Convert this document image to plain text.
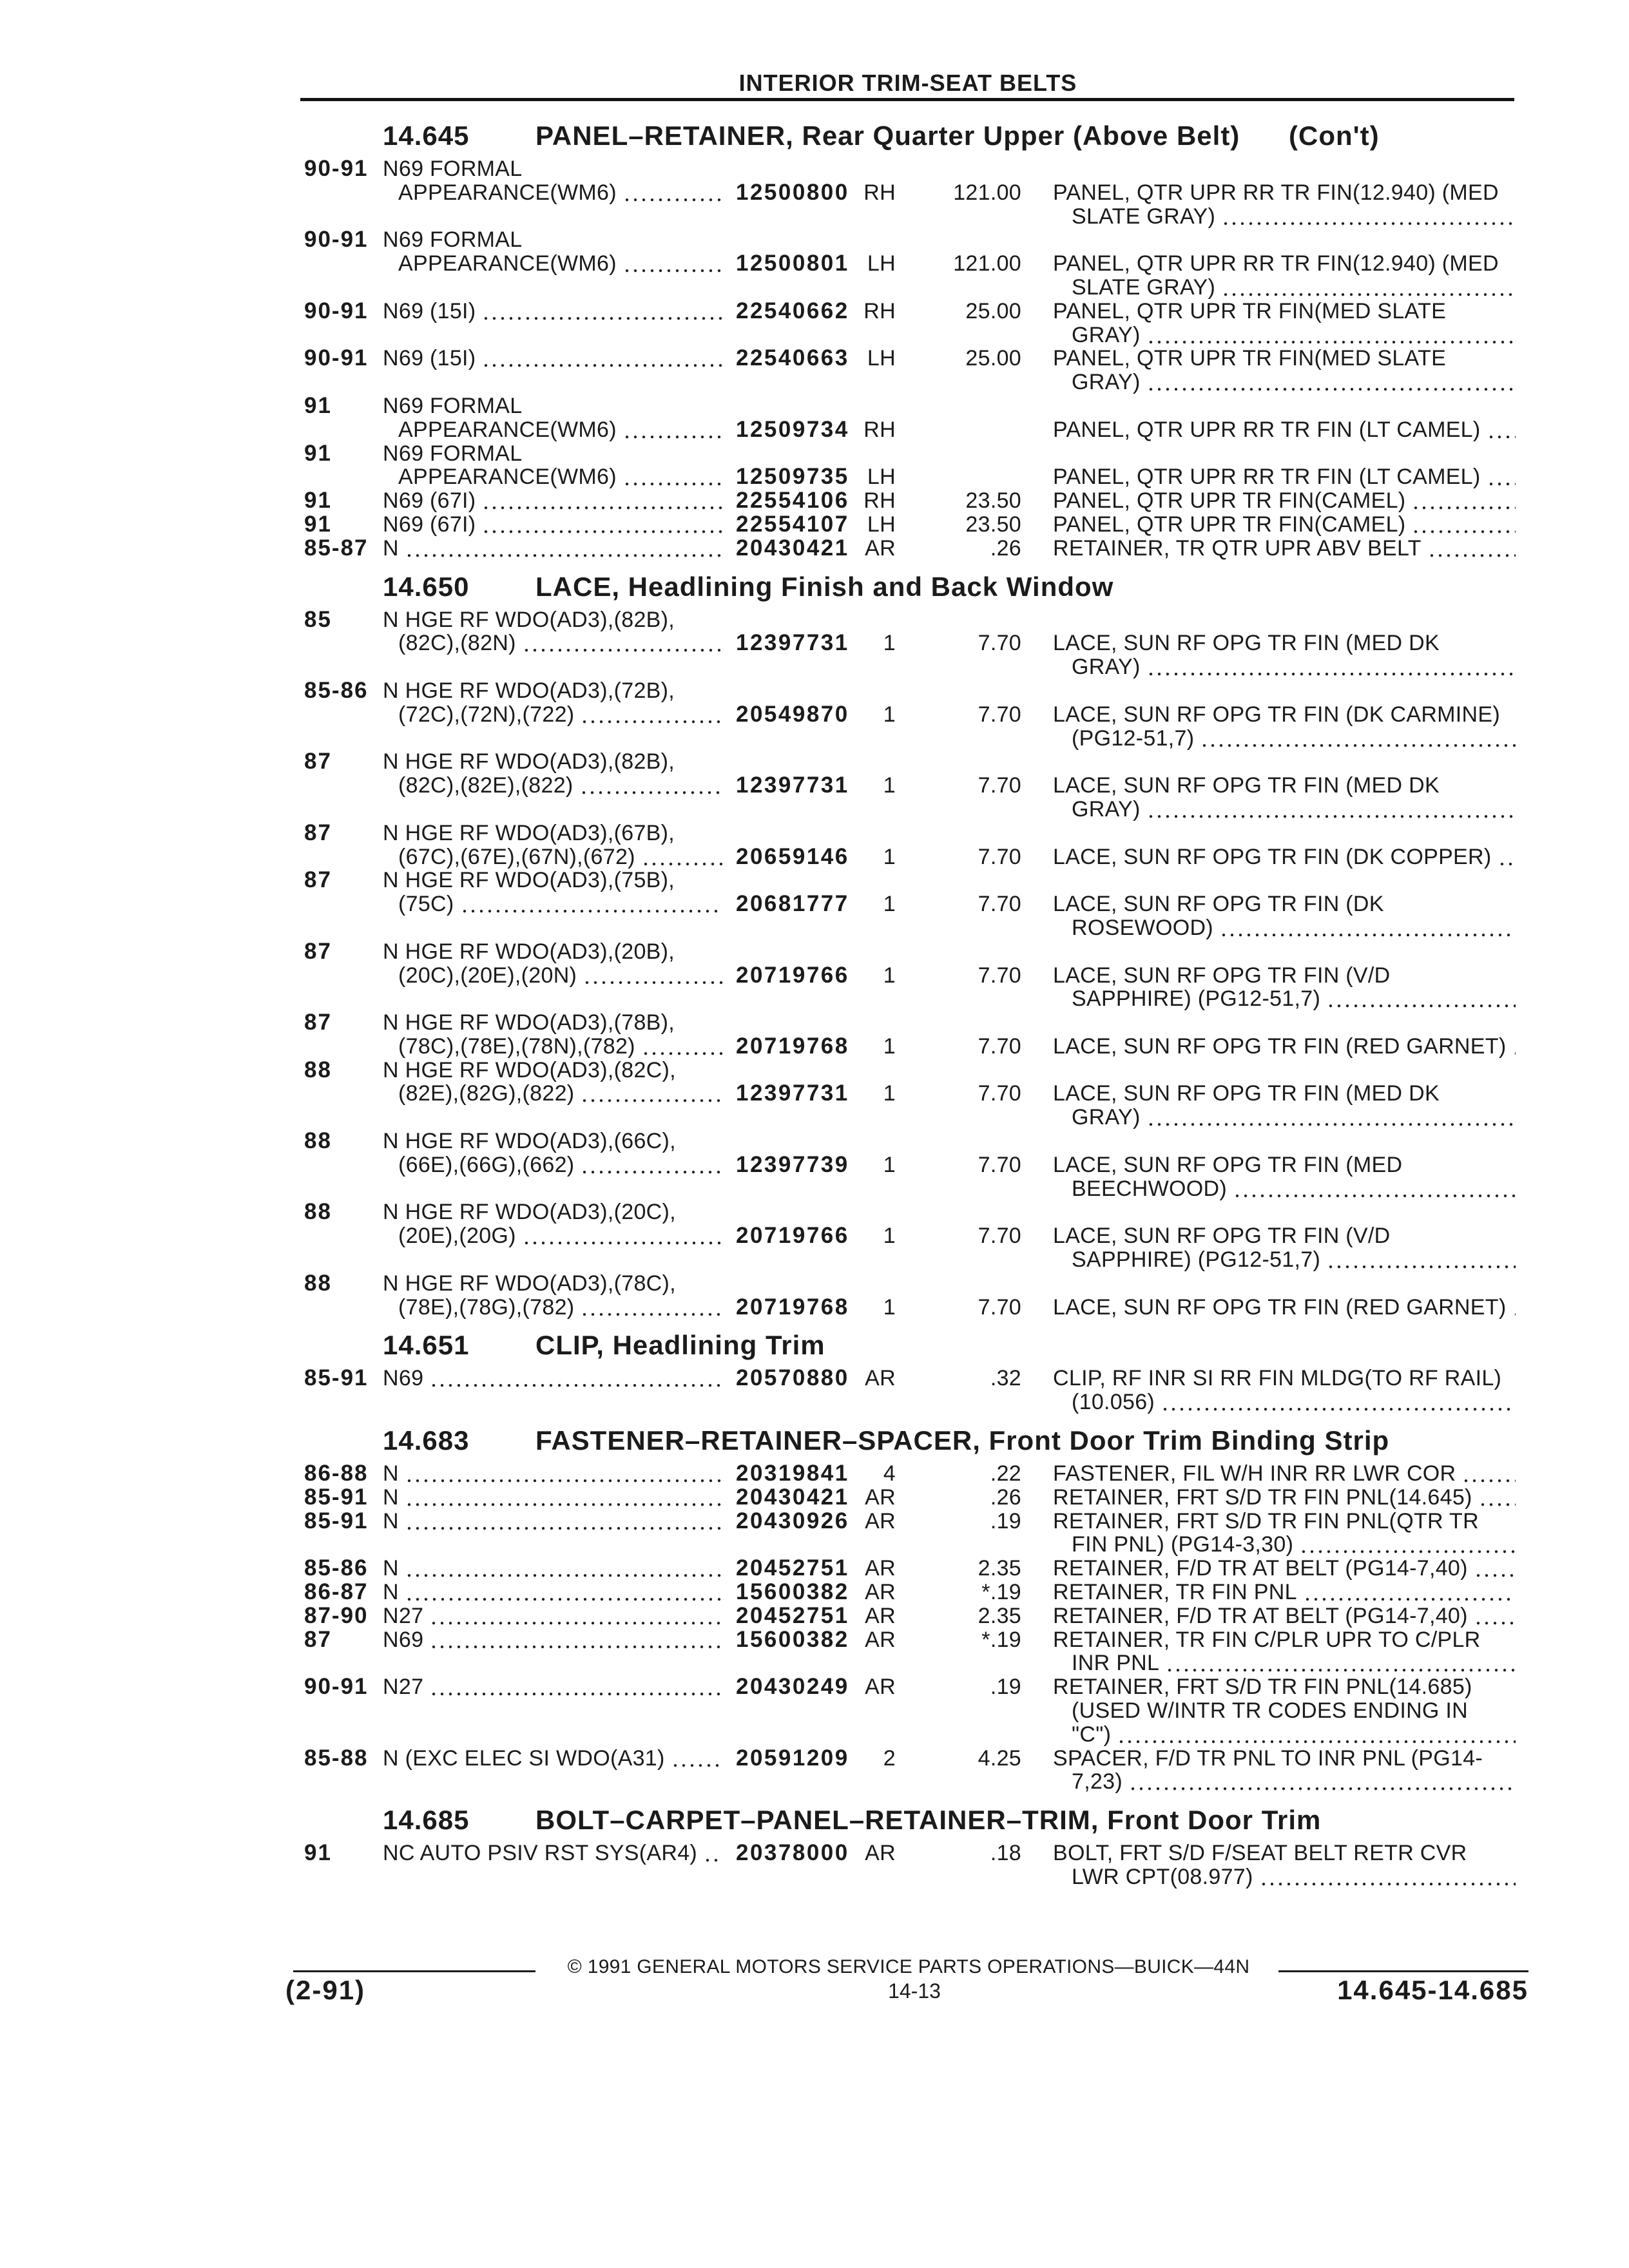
INTERIOR TRIM-SEAT BELTS
14.645 PANEL–RETAINER, Rear Quarter Upper (Above Belt) (Con't)
90-91 N69 FORMAL
APPEARANCE(WM6)	12500800 RH	121.00 PANEL, QTR UPR RR TR FIN(12.940) (MED
SLATE GRAY)
90-91 N69 FORMAL
APPEARANCE(WM6)	12500801 LH	121.00 PANEL, QTR UPR RR TR FIN(12.940) (MED
SLATE GRAY)
90-91 N69 (15I)	22540662 RH	25.00 PANEL, QTR UPR TR FIN(MED SLATE
GRAY)
90-91 N69 (15I)	22540663 LH	25.00 PANEL, QTR UPR TR FIN(MED SLATE
GRAY)
91	N69 FORMAL
APPEARANCE(WM6)	12509734 RH	PANEL, QTR UPR RR TR FIN (LT CAMEL)
91	N69 FORMAL
APPEARANCE(WM6)	12509735 LH	PANEL, QTR UPR RR TR FIN (LT CAMEL)
91	N69 (67I)	22554106 RH	23.50 PANEL, QTR UPR TR FIN(CAMEL)
91	N69 (67I)	22554107 LH	23.50 PANEL, QTR UPR TR FIN(CAMEL)
85-87 N	20430421 AR	.26 RETAINER, TR QTR UPR ABV BELT
14.650 LACE, Headlining Finish and Back Window
85	N HGE RF WDO(AD3),(82B),
(82C),(82N)	12397731	1	7.70 LACE, SUN RF OPG TR FIN (MED DK
GRAY)
85-86 N HGE RF WDO(AD3),(72B),
(72C),(72N),(722)	20549870	1	7.70 LACE, SUN RF OPG TR FIN (DK CARMINE)
(PG12-51,7)
87	N HGE RF WDO(AD3),(82B),
(82C),(82E),(822)	12397731	1	7.70 LACE, SUN RF OPG TR FIN (MED DK
GRAY)
87	N HGE RF WDO(AD3),(67B),
(67C),(67E),(67N),(672)	20659146	1	7.70 LACE, SUN RF OPG TR FIN (DK COPPER)
87	N HGE RF WDO(AD3),(75B),
(75C)	20681777	1	7.70 LACE, SUN RF OPG TR FIN (DK
ROSEWOOD)
87	N HGE RF WDO(AD3),(20B),
(20C),(20E),(20N)	20719766	1	7.70 LACE, SUN RF OPG TR FIN (V/D
SAPPHIRE) (PG12-51,7)
87	N HGE RF WDO(AD3),(78B),
(78C),(78E),(78N),(782)	20719768	1	7.70 LACE, SUN RF OPG TR FIN (RED GARNET)
88	N HGE RF WDO(AD3),(82C),
(82E),(82G),(822)	12397731	1	7.70 LACE, SUN RF OPG TR FIN (MED DK
GRAY)
88	N HGE RF WDO(AD3),(66C),
(66E),(66G),(662)	12397739	1	7.70 LACE, SUN RF OPG TR FIN (MED
BEECHWOOD)
88	N HGE RF WDO(AD3),(20C),
(20E),(20G)	20719766	1	7.70 LACE, SUN RF OPG TR FIN (V/D
SAPPHIRE) (PG12-51,7)
88	N HGE RF WDO(AD3),(78C),
(78E),(78G),(782)	20719768	1	7.70 LACE, SUN RF OPG TR FIN (RED GARNET)
14.651 CLIP, Headlining Trim
85-91 N69	20570880 AR	.32 CLIP, RF INR SI RR FIN MLDG(TO RF RAIL)
(10.056)
14.683 FASTENER–RETAINER–SPACER, Front Door Trim Binding Strip
86-88 N	20319841	4	.22 FASTENER, FIL W/H INR RR LWR COR
85-91 N	20430421 AR	.26 RETAINER, FRT S/D TR FIN PNL(14.645)
85-91 N	20430926 AR	.19 RETAINER, FRT S/D TR FIN PNL(QTR TR
FIN PNL) (PG14-3,30)
85-86 N	20452751 AR	2.35 RETAINER, F/D TR AT BELT (PG14-7,40)
86-87 N	15600382 AR	*.19 RETAINER, TR FIN PNL
87-90 N27	20452751 AR	2.35 RETAINER, F/D TR AT BELT (PG14-7,40)
87	N69	15600382 AR	*.19 RETAINER, TR FIN C/PLR UPR TO C/PLR
INR PNL
90-91 N27	20430249 AR	.19 RETAINER, FRT S/D TR FIN PNL(14.685)
(USED W/INTR TR CODES ENDING IN
"C")
85-88 N (EXC ELEC SI WDO(A31)	20591209	2	4.25 SPACER, F/D TR PNL TO INR PNL (PG14-
7,23)
14.685 BOLT–CARPET–PANEL–RETAINER–TRIM, Front Door Trim
91	NC AUTO PSIV RST SYS(AR4) 20378000 AR	.18 BOLT, FRT S/D F/SEAT BELT RETR CVR
LWR CPT(08.977)
© 1991 GENERAL MOTORS SERVICE PARTS OPERATIONS—BUICK—44N
(2-91)	14-13	14.645-14.685
